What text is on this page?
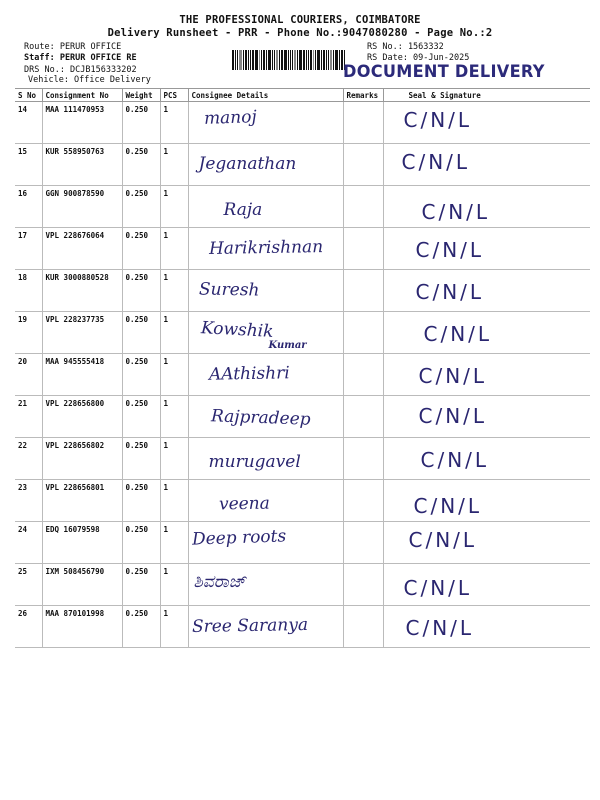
THE PROFESSIONAL COURIERS, COIMBATORE
Delivery Runsheet - PRR - Phone No.:9047080280 - Page No.:2
Route: PERUR OFFICE
Staff: PERUR OFFICE RE
DRS No.: DCJB156333202
Vehicle: Office Delivery
RS No.: 1563332
RS Date: 09-Jun-2025
DOCUMENT DELIVERY
S No	Consignment No	Weight	PCS	Consignee Details	Remarks	Seal & Signature
14	MAA 111470953	0.250	1	manoj		C/N/L

15	KUR 558950763	0.250	1	Jeganathan		C/N/L

16	GGN 900878590	0.250	1	Raja		C/N/L

17	VPL 228676064	0.250	1	Harikrishnan		C/N/L

18	KUR 3000880528	0.250	1	Suresh		C/N/L

19	VPL 228237735	0.250	1	Kowshik
Kumar		C/N/L

20	MAA 945555418	0.250	1	AAthishri		C/N/L

21	VPL 228656800	0.250	1	Rajpradeep		C/N/L

22	VPL 228656802	0.250	1	murugavel		C/N/L

23	VPL 228656801	0.250	1	veena		C/N/L

24	EDQ 16079598	0.250	1	Deep roots		C/N/L

25	IXM 508456790	0.250	1	ಶಿವರಾಜ್		C/N/L

26	MAA 870101998	0.250	1	Sree Saranya		C/N/L
